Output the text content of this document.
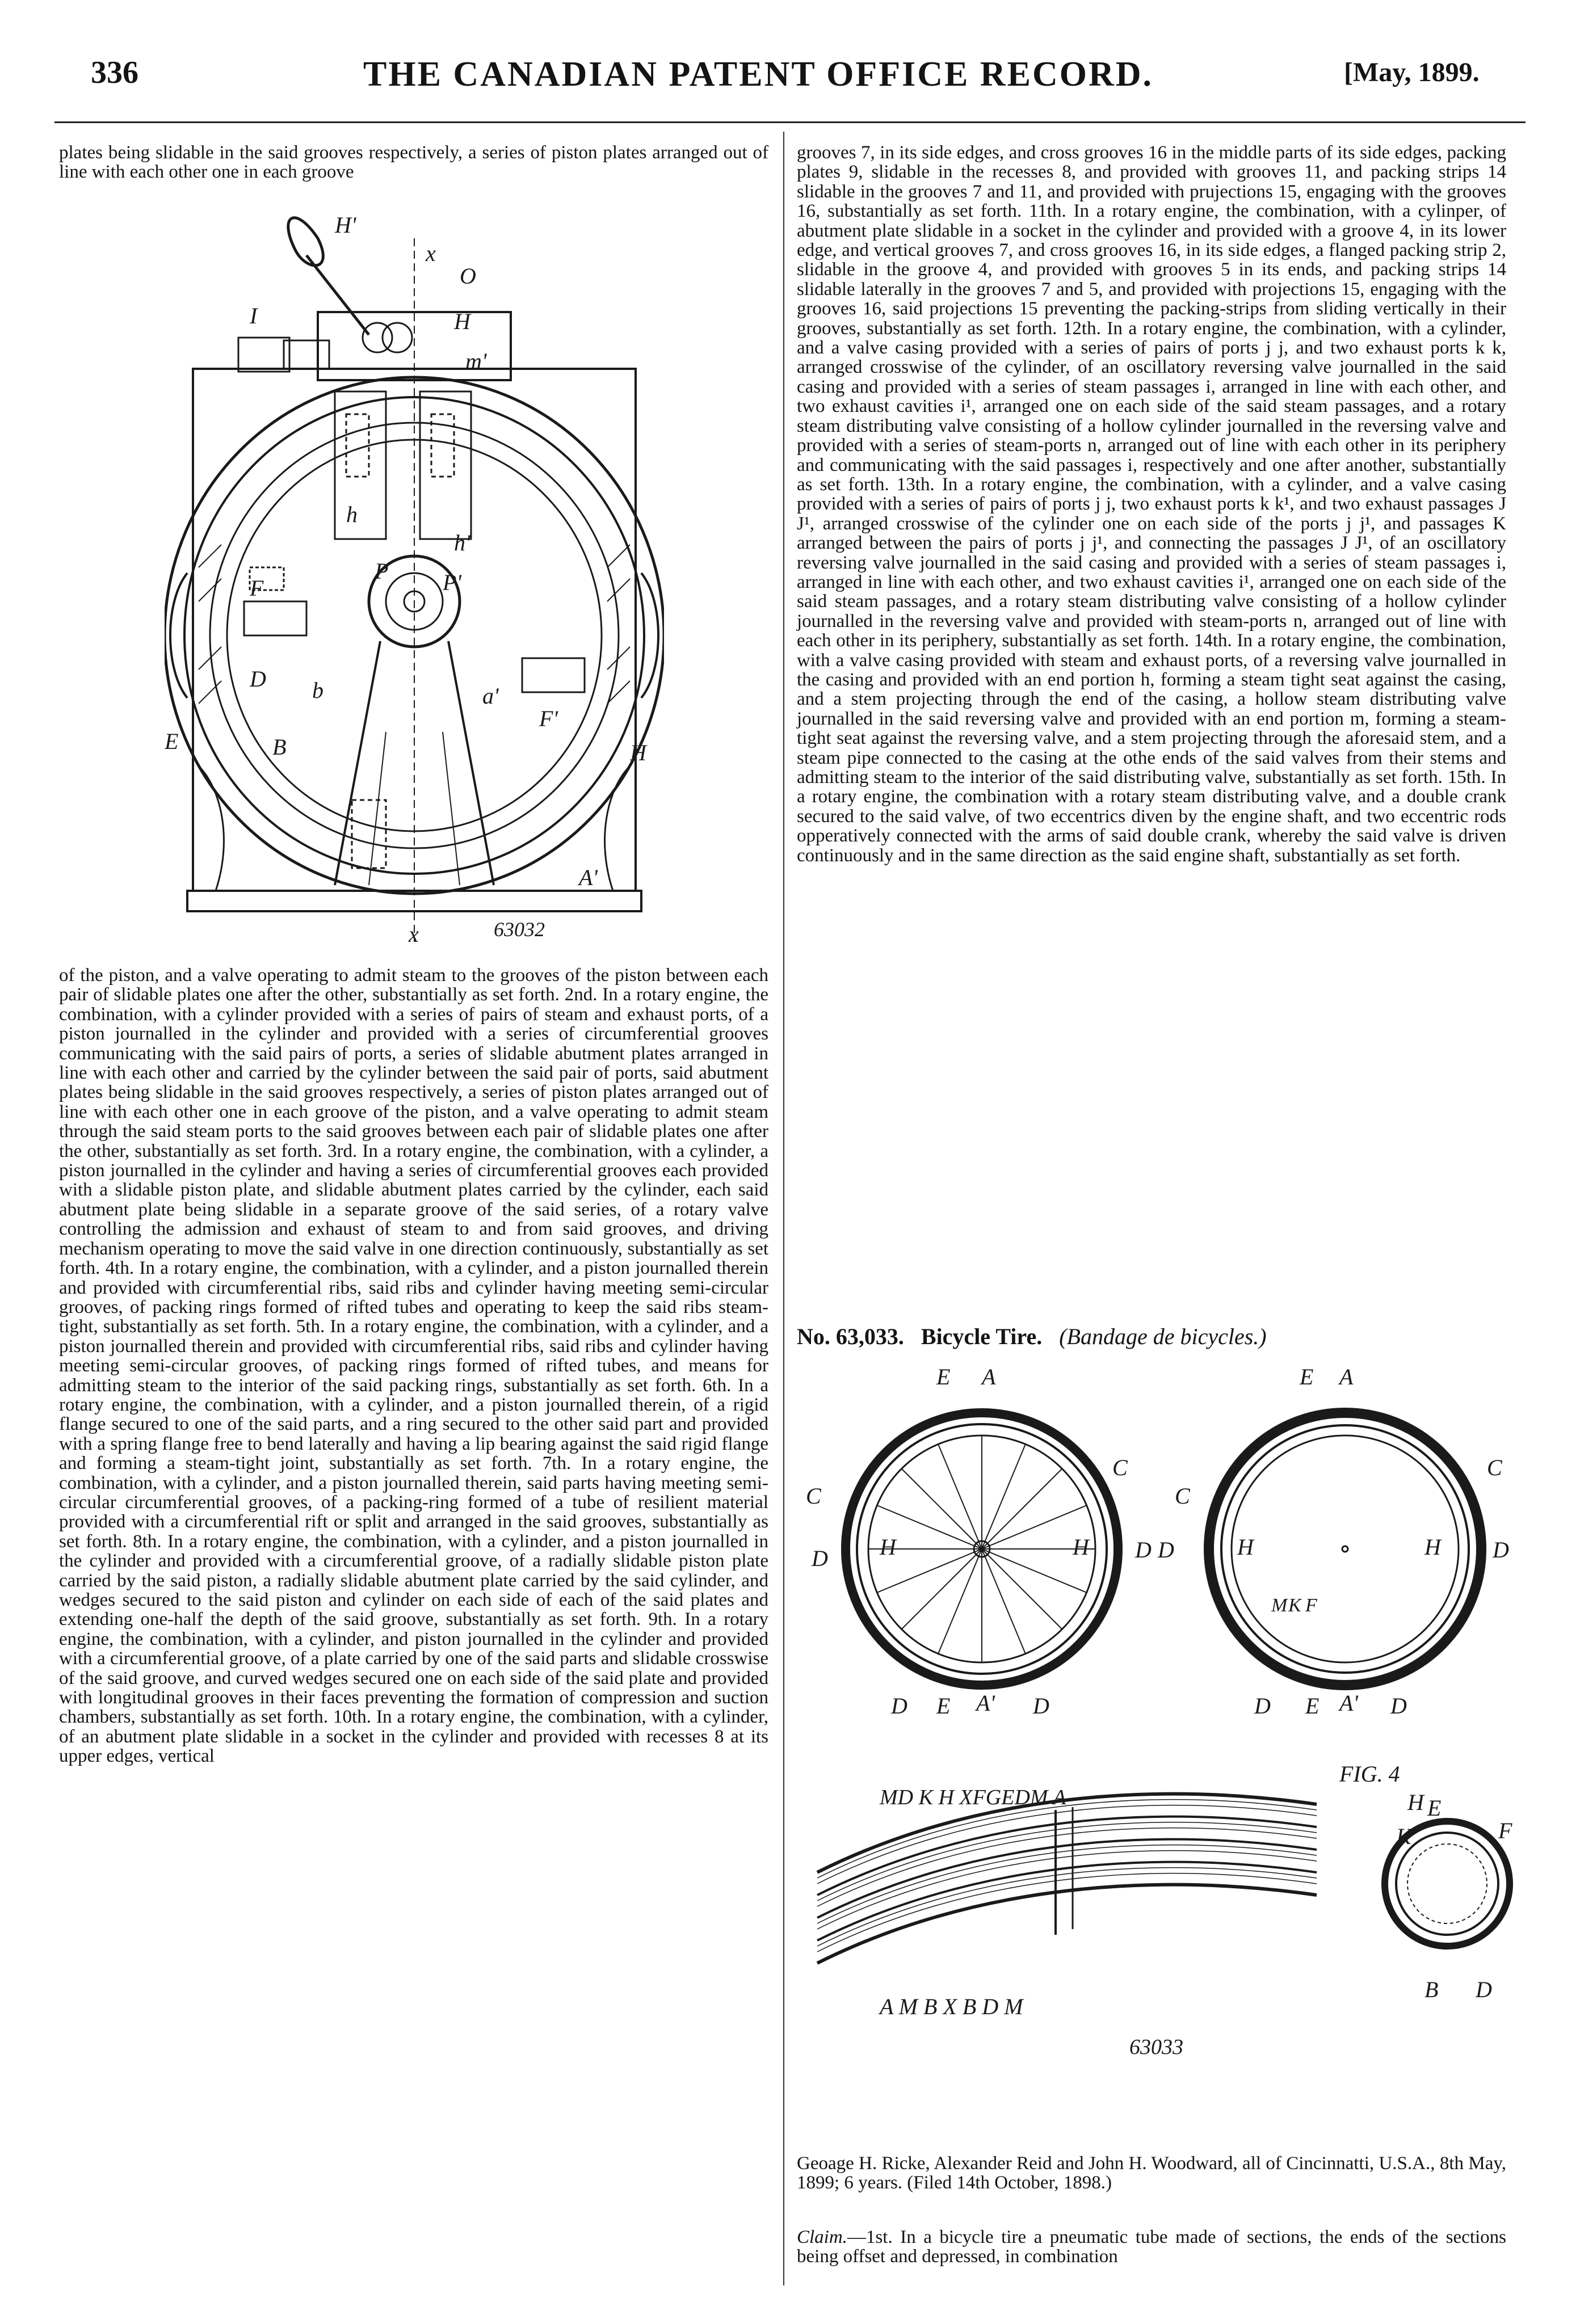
336	THE CANADIAN PATENT OFFICE RECORD.	[May, 1899.

plates being slidable in the said grooves respectively, a series of piston plates arranged out of line with each other one in each groove

H'
x
O
I	H
m'
h
h'
P P'
F
D b	a'
F'
E	B	H
A'
x	63032

of the piston, and a valve operating to admit steam to the grooves of the piston between each pair of slidable plates one after the other, substantially as set forth. 2nd. In a rotary engine, the combination, with a cylinder provided with a series of pairs of steam and exhaust ports, of a piston journalled in the cylinder and provided with a series of circumferential grooves communicating with the said pairs of ports, a series of slidable abutment plates arranged in line with each other and carried by the cylinder between the said pair of ports, said abutment plates being slidable in the said grooves respectively, a series of piston plates arranged out of line with each other one in each groove of the piston, and a valve operating to admit steam through the said steam ports to the said grooves between each pair of slidable plates one after the other, substantially as set forth. 3rd. In a rotary engine, the combination, with a cylinder, a piston journalled in the cylinder and having a series of circumferential grooves each provided with a slidable piston plate, and slidable abutment plates carried by the cylinder, each said abutment plate being slidable in a separate groove of the said series, of a rotary valve controlling the admission and exhaust of steam to and from said grooves, and driving mechanism operating to move the said valve in one direction continuously, substantially as set forth. 4th. In a rotary engine, the combination, with a cylinder, and a piston journalled therein and provided with circumferential ribs, said ribs and cylinder having meeting semi-circular grooves, of packing rings formed of rifted tubes and operating to keep the said ribs steam-tight, substantially as set forth. 5th. In a rotary engine, the combination, with a cylinder, and a piston journalled therein and provided with circumferential ribs, said ribs and cylinder having meeting semi-circular grooves, of packing rings formed of rifted tubes, and means for admitting steam to the interior of the said packing rings, substantially as set forth. 6th. In a rotary engine, the combination, with a cylinder, and a piston journalled therein, of a rigid flange secured to one of the said parts, and a ring secured to the other said part and provided with a spring flange free to bend laterally and having a lip bearing against the said rigid flange and forming a steam-tight joint, substantially as set forth. 7th. In a rotary engine, the combination, with a cylinder, and a piston journalled therein, said parts having meeting semi-circular circumferential grooves, of a packing-ring formed of a tube of resilient material provided with a circumferential rift or split and arranged in the said grooves, substantially as set forth. 8th. In a rotary engine, the combination, with a cylinder, and a piston journalled in the cylinder and provided with a circumferential groove, of a radially slidable piston plate carried by the said piston, a radially slidable abutment plate carried by the said cylinder, and wedges secured to the said piston and cylinder on each side of each of the said plates and extending one-half the depth of the said groove, substantially as set forth. 9th. In a rotary engine, the combination, with a cylinder, and piston journalled in the cylinder and provided with a circumferential groove, of a plate carried by one of the said parts and slidable crosswise of the said groove, and curved wedges secured one on each side of the said plate and provided with longitudinal grooves in their faces preventing the formation of compression and suction chambers, substantially as set forth. 10th. In a rotary engine, the combination, with a cylinder, of an abutment plate slidable in a socket in the cylinder and provided with recesses 8 at its upper edges, vertical

grooves 7, in its side edges, and cross grooves 16 in the middle parts of its side edges, packing plates 9, slidable in the recesses 8, and provided with grooves 11, and packing strips 14 slidable in the grooves 7 and 11, and provided with prujections 15, engaging with the grooves 16, substantially as set forth. 11th. In a rotary engine, the combination, with a cylinper, of abutment plate slidable in a socket in the cylinder and provided with a groove 4, in its lower edge, and vertical grooves 7, and cross grooves 16, in its side edges, a flanged packing strip 2, slidable in the groove 4, and provided with grooves 5 in its ends, and packing strips 14 slidable laterally in the grooves 7 and 5, and provided with projections 15, engaging with the grooves 16, said projections 15 preventing the packing-strips from sliding vertically in their grooves, substantially as set forth. 12th. In a rotary engine, the combination, with a cylinder, and a valve casing provided with a series of pairs of ports j j, and two exhaust ports k k, arranged crosswise of the cylinder, of an oscillatory reversing valve journalled in the said casing and provided with a series of steam passages i, arranged in line with each other, and two exhaust cavities i¹, arranged one on each side of the said steam passages, and a rotary steam distributing valve consisting of a hollow cylinder journalled in the reversing valve and provided with a series of steam-ports n, arranged out of line with each other in its periphery and communicating with the said passages i, respectively and one after another, substantially as set forth. 13th. In a rotary engine, the combination, with a cylinder, and a valve casing provided with a series of pairs of ports j j, two exhaust ports k k¹, and two exhaust passages J J¹, arranged crosswise of the cylinder one on each side of the ports j j¹, and passages K arranged between the pairs of ports j j¹, and connecting the passages J J¹, of an oscillatory reversing valve journalled in the said casing and provided with a series of steam passages i, arranged in line with each other, and two exhaust cavities i¹, arranged one on each side of the said steam passages, and a rotary steam distributing valve consisting of a hollow cylinder journalled in the reversing valve and provided with steam-ports n, arranged out of line with each other in its periphery, substantially as set forth. 14th. In a rotary engine, the combination, with a valve casing provided with steam and exhaust ports, of a reversing valve journalled in the casing and provided with an end portion h, forming a steam tight seat against the casing, and a stem projecting through the end of the casing, a hollow steam distributing valve journalled in the said reversing valve and provided with an end portion m, forming a steam-tight seat against the reversing valve, and a stem projecting through the aforesaid stem, and a steam pipe connected to the casing at the othe ends of the said valves from their stems and admitting steam to the interior of the said distributing valve, substantially as set forth. 15th. In a rotary engine, the combination with a rotary steam distributing valve, and a double crank secured to the said valve, of two eccentrics diven by the engine shaft, and two eccentric rods opperatively connected with the arms of said double crank, whereby the said valve is driven continuously and in the same direction as the said engine shaft, substantially as set forth.

No. 63,033. Bicycle Tire. (Bandage de bicycles.)
E A
C
C
D H	H D
D E A' D
E A
C
C
D	H	H D
M K F
D E A' D
FIG. 4
MD K H XFGEDM A
A M B X B D M
H E
K	F
B D
63033

Geoage H. Ricke, Alexander Reid and John H. Woodward, all of Cincinnatti, U.S.A., 8th May, 1899; 6 years. (Filed 14th October, 1898.)

Claim.—1st. In a bicycle tire a pneumatic tube made of sections, the ends of the sections being offset and depressed, in combination
